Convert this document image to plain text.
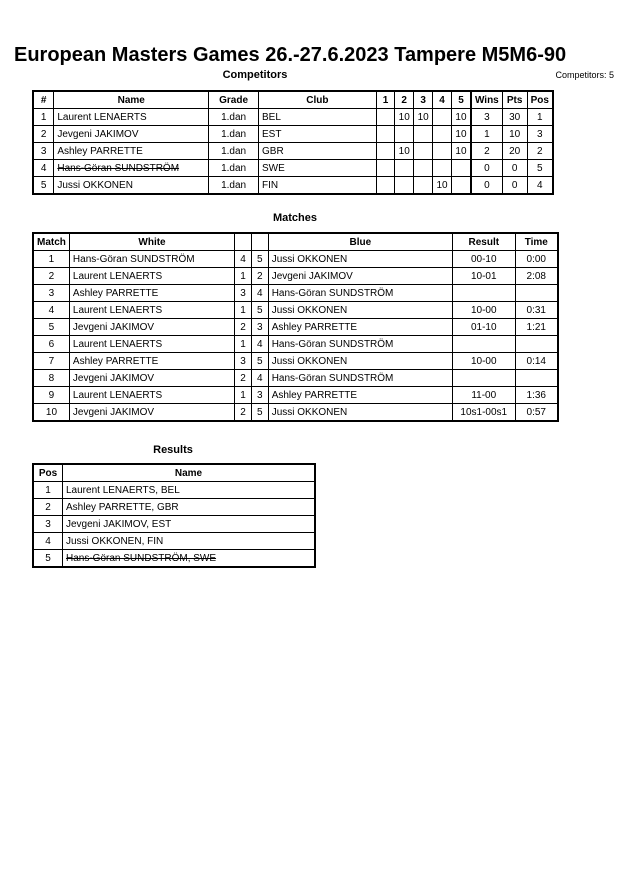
European Masters Games 26.-27.6.2023 Tampere M5M6-90
Competitors	Competitors: 5
#	Name	Grade	Club	1	2	3	4	5	Wins	Pts	Pos
1	Laurent LENAERTS	1.dan	BEL		10	10		10	3	30	1
2	Jevgeni JAKIMOV	1.dan	EST					10	1	10	3
3	Ashley PARRETTE	1.dan	GBR		10			10	2	20	2
4	Hans-Göran SUNDSTRÖM	1.dan	SWE						0	0	5
5	Jussi OKKONEN	1.dan	FIN				10		0	0	4
Matches
Match	White			Blue	Result	Time
1	Hans-Göran SUNDSTRÖM	4	5	Jussi OKKONEN	00-10	0:00
2	Laurent LENAERTS	1	2	Jevgeni JAKIMOV	10-01	2:08
3	Ashley PARRETTE	3	4	Hans-Göran SUNDSTRÖM		
4	Laurent LENAERTS	1	5	Jussi OKKONEN	10-00	0:31
5	Jevgeni JAKIMOV	2	3	Ashley PARRETTE	01-10	1:21
6	Laurent LENAERTS	1	4	Hans-Göran SUNDSTRÖM		
7	Ashley PARRETTE	3	5	Jussi OKKONEN	10-00	0:14
8	Jevgeni JAKIMOV	2	4	Hans-Göran SUNDSTRÖM		
9	Laurent LENAERTS	1	3	Ashley PARRETTE	11-00	1:36
10	Jevgeni JAKIMOV	2	5	Jussi OKKONEN	10s1-00s1	0:57
Results
Pos	Name
1	Laurent LENAERTS, BEL
2	Ashley PARRETTE, GBR
3	Jevgeni JAKIMOV, EST
4	Jussi OKKONEN, FIN
5	Hans-Göran SUNDSTRÖM, SWE
